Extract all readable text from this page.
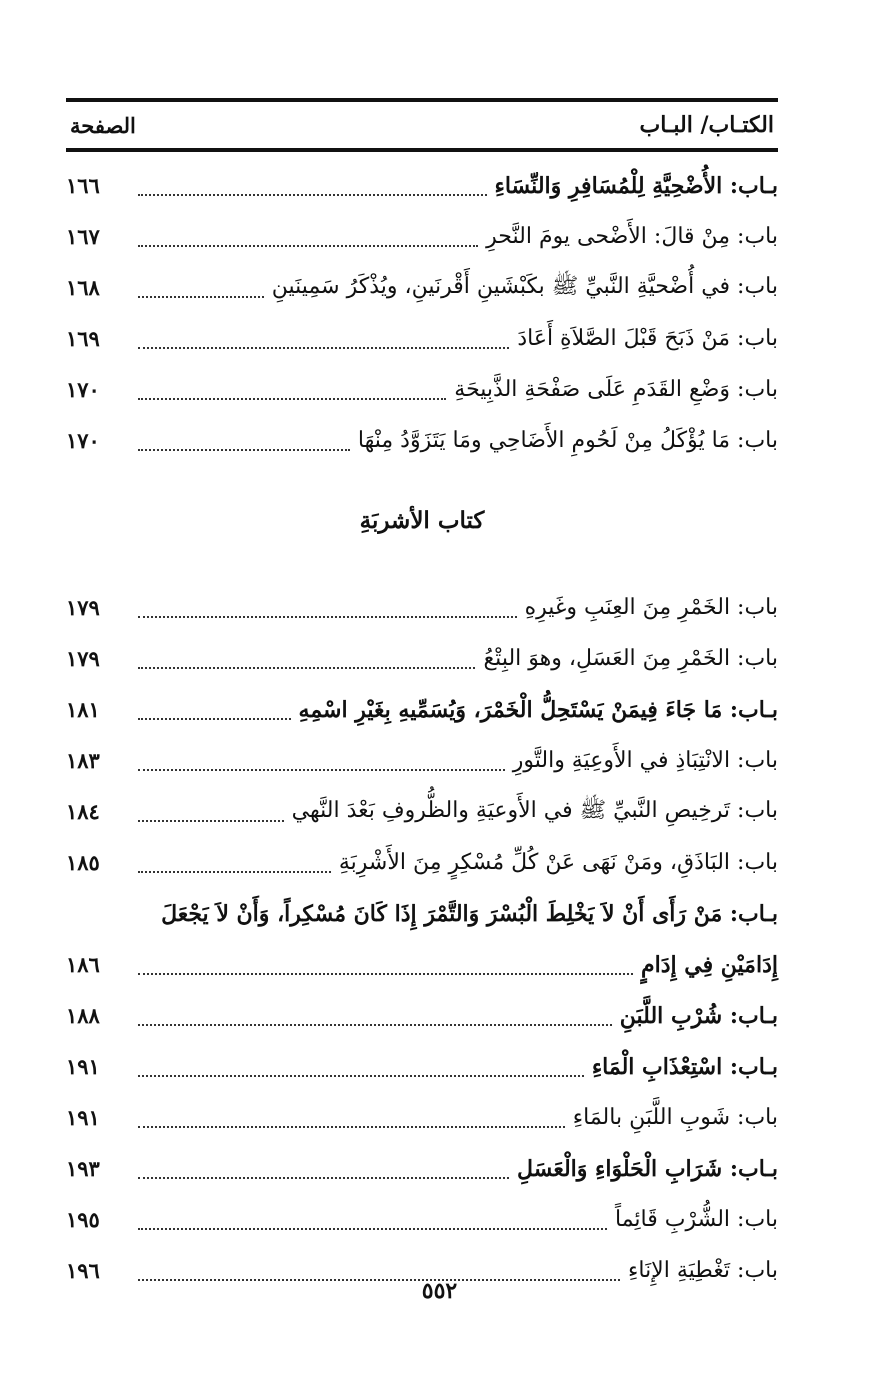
الكتـاب/ البـاب
الصفحة
بـاب: الأُضْحِيَّةِ لِلْمُسَافِرِ وَالنِّسَاءِ
١٦٦
باب: مِنْ قالَ: الأَضْحى يومَ النَّحرِ
١٦٧
باب: في أُضْحيَّةِ النَّبيِّ ﷺ بكَبْشَينِ أَقْرنَينِ، ويُذْكَرُ سَمِينَينِ
١٦٨
باب: مَنْ ذَبَحَ قَبْلَ الصَّلاَةِ أَعَادَ
١٦٩
باب: وَضْعِ القَدَمِ عَلَى صَفْحَةِ الذَّبِيحَةِ
١٧٠
باب: مَا يُؤْكَلُ مِنْ لَحُومِ الأَضَاحِي ومَا يَتَزَوَّدُ مِنْهَا
١٧٠
كتاب الأشربَةِ
باب: الخَمْرِ مِنَ العِنَبِ وغَيرِهِ
١٧٩
باب: الخَمْرِ مِنَ العَسَلِ، وهوَ البِتْعُ
١٧٩
بـاب: مَا جَاءَ فِيمَنْ يَسْتَحِلُّ الْخَمْرَ، وَيُسَمِّيهِ بِغَيْرِ اسْمِهِ
١٨١
باب: الانْتِبَاذِ في الأَوعِيَةِ والتَّورِ
١٨٣
باب: تَرخِيصِ النَّبيِّ ﷺ في الأَوعيَةِ والظُّروفِ بَعْدَ النَّهي
١٨٤
باب: البَاذَقِ، ومَنْ نَهَى عَنْ كُلِّ مُسْكِرٍ مِنَ الأَشْرِبَةِ
١٨٥
بـاب: مَنْ رَأَى أَنْ لاَ يَخْلِطَ الْبُسْرَ وَالتَّمْرَ إِذَا كَانَ مُسْكِراً، وَأَنْ لاَ يَجْعَلَ
إِدَامَيْنِ فِي إِدَامٍ
١٨٦
بـاب: شُرْبِ اللَّبَنِ
١٨٨
بـاب: اسْتِعْذَابِ الْمَاءِ
١٩١
باب: شَوبِ اللَّبَنِ بالمَاءِ
١٩١
بـاب: شَرَابِ الْحَلْوَاءِ وَالْعَسَلِ
١٩٣
باب: الشُّرْبِ قَائِماً
١٩٥
باب: تَغْطِيَةِ الإِنَاءِ
١٩٦
٥٥٢
